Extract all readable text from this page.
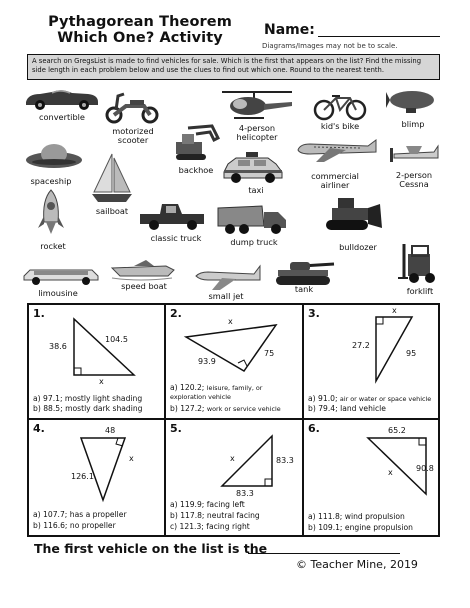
Pythagorean Theorem
Which One? Activity	Name:
Diagrams/Images may not be to scale.
A search on GregsList is made to find vehicles for sale. Which is the first that appears on the list? Find the missing side length in each problem below and use the clues to find out which one. Round to the nearest tenth.
convertible
motorized
scooter
backhoe
4-person
helicopter
kid's bike	blimp
spaceship
sailboat
taxi
commercial
airliner
2-person
Cessna
rocket
classic truck	dump truck	bulldozer
limousine
speed boat
small jet
tank	forklift
1.
38.6
104.5
x
a) 97.1; mostly light shading
b) 88.5; mostly dark shading
2.
x
93.9
75
a) 120.2; leisure, family, or
exploration vehicle
b) 127.2; work or service vehicle
3.	x
27.2
95
a) 91.0; air or water or space vehicle
b) 79.4; land vehicle
4.	48
x
126.1
a) 107.7; has a propeller
b) 116.6; no propeller
5.
x	83.3
83.3
a) 119.9; facing left
b) 117.8; neutral facing
c) 121.3; facing right
6.	65.2
x	90.8
a) 111.8; wind propulsion
b) 109.1; engine propulsion
The first vehicle on the list is the
© Teacher Mine, 2019
